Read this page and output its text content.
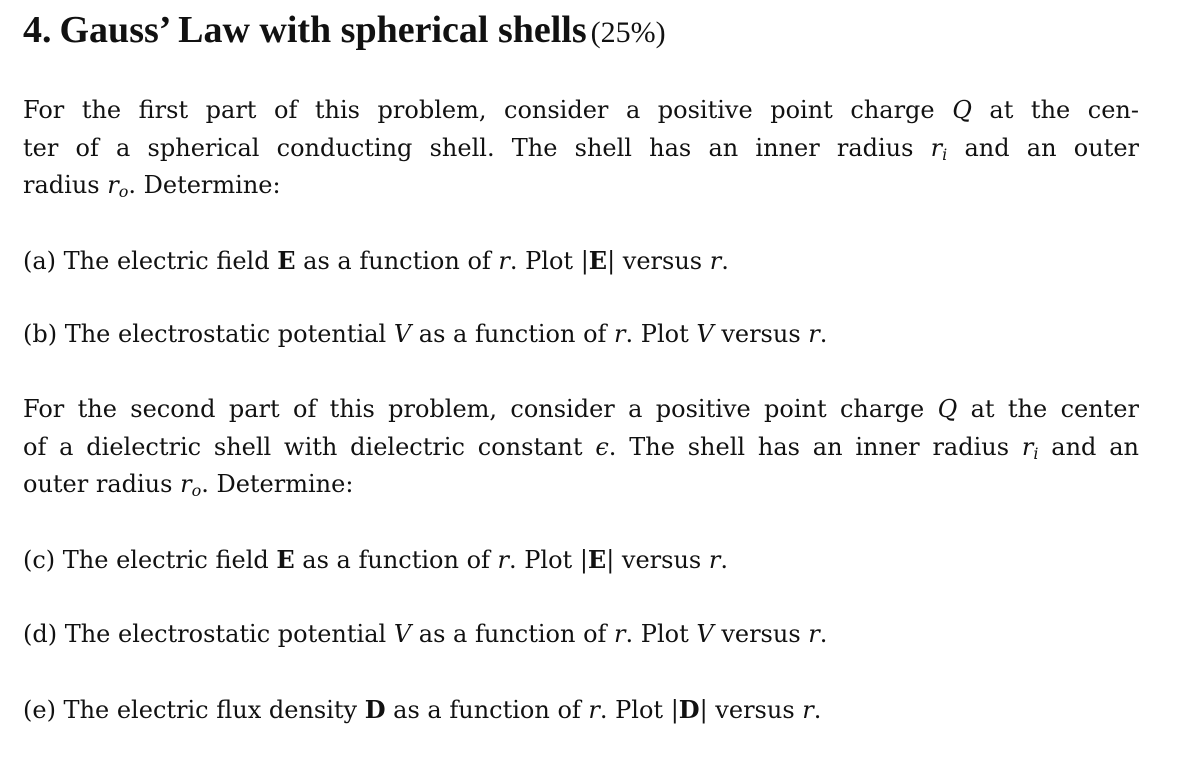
4. Gauss’ Law with spherical shells (25%)

For the first part of this problem, consider a positive point charge Q at the cen-
ter of a spherical conducting shell. The shell has an inner radius $r_i$ and an outer
radius $r_o$. Determine:

(a) The electric field E as a function of r. Plot |E| versus r.

(b) The electrostatic potential V as a function of r. Plot V versus r.

For the second part of this problem, consider a positive point charge Q at the center
of a dielectric shell with dielectric constant ϵ. The shell has an inner radius $r_i$ and an
outer radius $r_o$. Determine:

(c) The electric field E as a function of r. Plot |E| versus r.

(d) The electrostatic potential V as a function of r. Plot V versus r.

(e) The electric flux density D as a function of r. Plot |D| versus r.
